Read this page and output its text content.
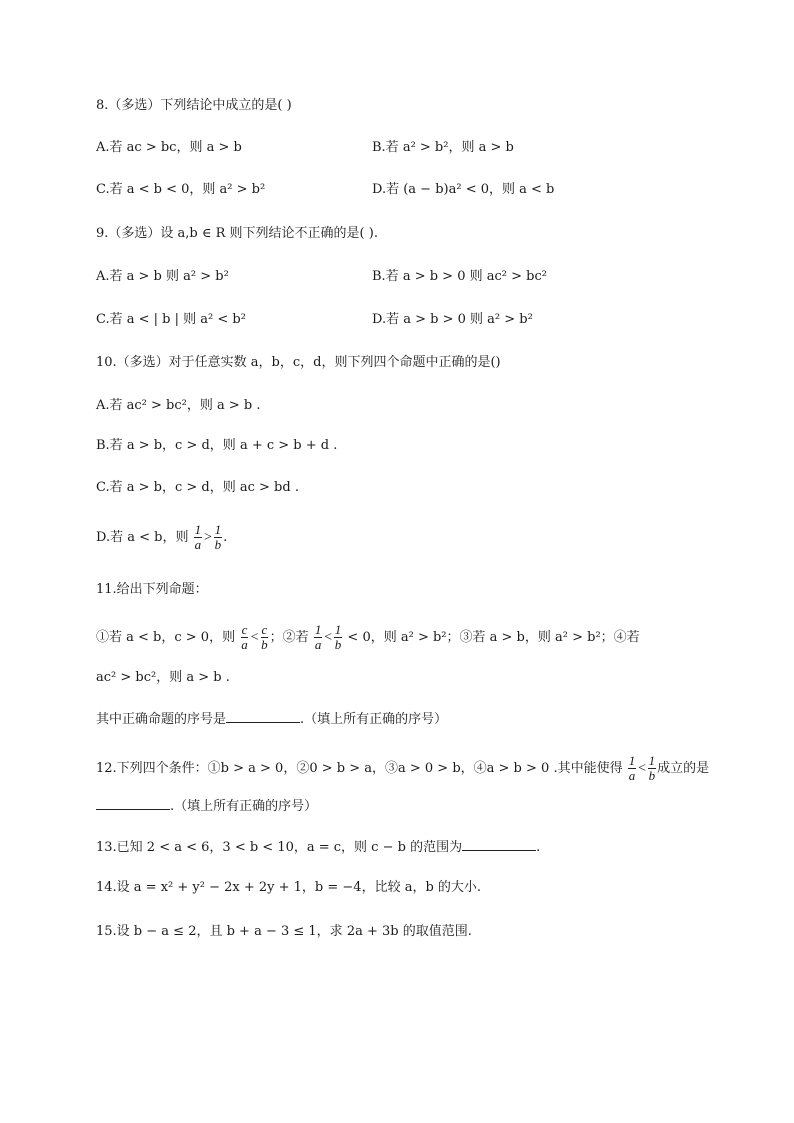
8.（多选）下列结论中成立的是( )
A.若 ac > bc，则 a > b	B.若 a² > b²，则 a > b
C.若 a < b < 0，则 a² > b²	D.若 (a − b)a² < 0，则 a < b
9.（多选）设 a,b ∈ R 则下列结论不正确的是( ).
A.若 a > b 则 a² > b²	B.若 a > b > 0 则 ac² > bc²
C.若 a < | b | 则 a² < b²	D.若 a > b > 0 则 a² > b²
10.（多选）对于任意实数 a，b，c，d，则下列四个命题中正确的是()
A.若 ac² > bc²，则 a > b .
B.若 a > b，c > d，则 a + c > b + d .
C.若 a > b，c > d，则 ac > bd .
D.若 a < b，则 $\frac{1}{a} > \frac{1}{b}$ .
11.给出下列命题：
①若 a < b，c > 0，则 $\frac{c}{a} < \frac{c}{b}$ ；②若 $\frac{1}{a} < \frac{1}{b} < 0$，则 a² > b²；③若 a > b，则 a² > b²；④若
ac² > bc²，则 a > b .
其中正确命题的序号是	.（填上所有正确的序号）
12.下列四个条件：①b > a > 0，②0 > b > a，③a > 0 > b，④a > b > 0 .其中能使得 $\frac{1}{a} < \frac{1}{b}$ 成立的是
.（填上所有正确的序号）
13.已知 2 < a < 6，3 < b < 10，a = c，则 c − b 的范围为	.
14.设 a = x² + y² − 2x + 2y + 1，b = −4，比较 a，b 的大小.
15.设 b − a ≤ 2，且 b + a − 3 ≤ 1，求 2a + 3b 的取值范围.
